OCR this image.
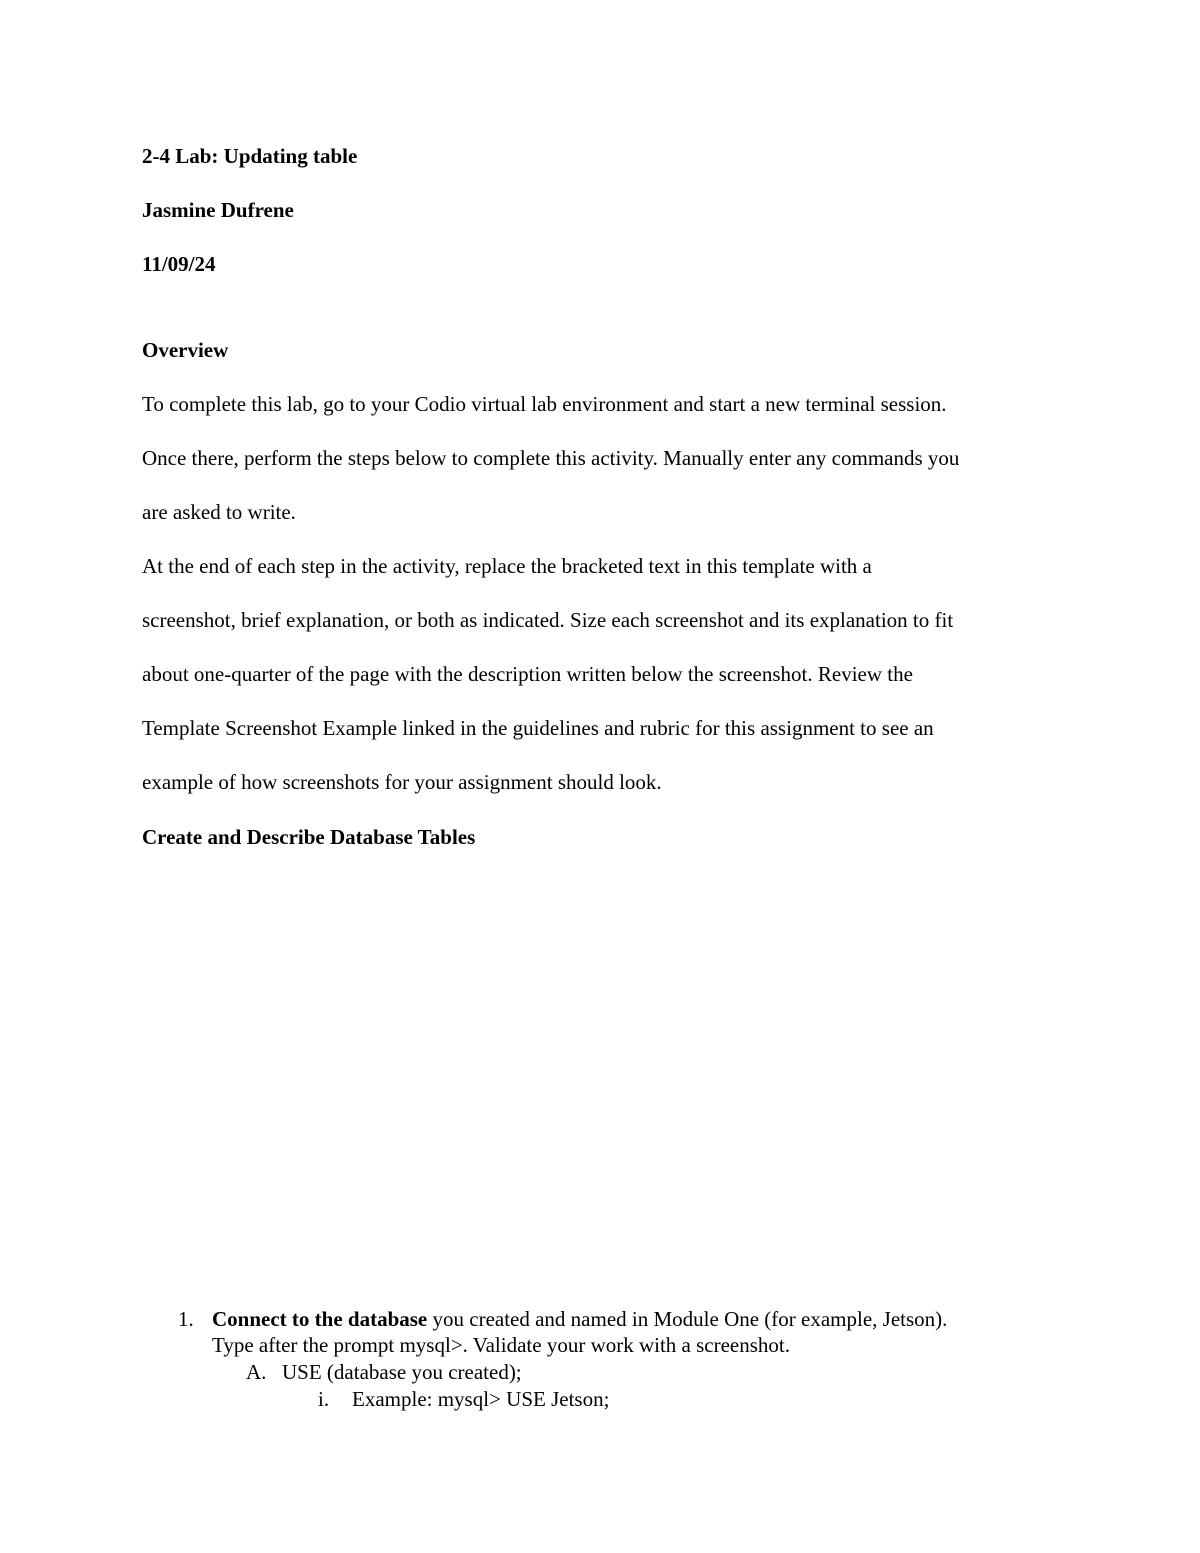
2-4 Lab: Updating table
Jasmine Dufrene
11/09/24
Overview
To complete this lab, go to your Codio virtual lab environment and start a new terminal session.
Once there, perform the steps below to complete this activity. Manually enter any commands you
are asked to write.
At the end of each step in the activity, replace the bracketed text in this template with a
screenshot, brief explanation, or both as indicated. Size each screenshot and its explanation to fit
about one-quarter of the page with the description written below the screenshot. Review the
Template Screenshot Example linked in the guidelines and rubric for this assignment to see an
example of how screenshots for your assignment should look.
Create and Describe Database Tables
1. Connect to the database you created and named in Module One (for example, Jetson).
Type after the prompt mysql>. Validate your work with a screenshot.
A. USE (database you created);
i. Example: mysql> USE Jetson;
